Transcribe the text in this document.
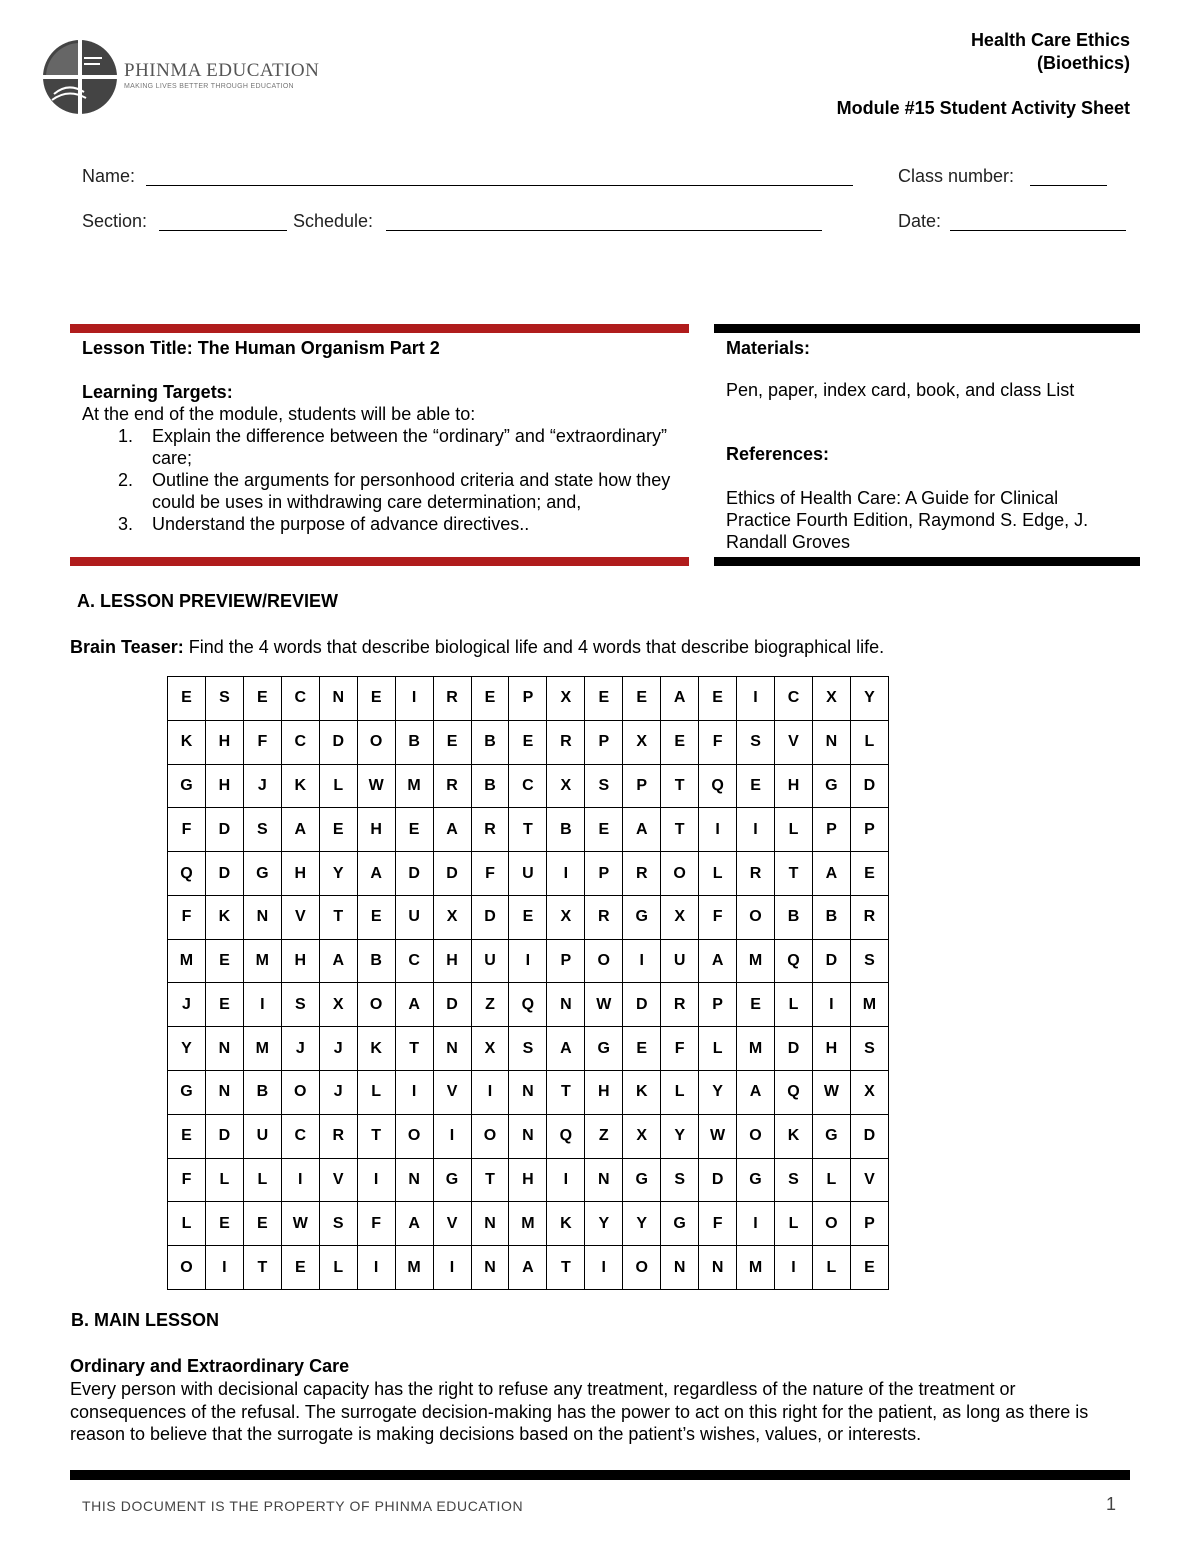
PHINMA EDUCATION
MAKING LIVES BETTER THROUGH EDUCATION
Health Care Ethics
(Bioethics)
Module #15 Student Activity Sheet
Name:	Class number:
Section:	Schedule:	Date:
Lesson Title: The Human Organism Part 2
Learning Targets:
At the end of the module, students will be able to:
1. Explain the difference between the “ordinary” and “extraordinary” care;
2. Outline the arguments for personhood criteria and state how they could be uses in withdrawing care determination; and,
3. Understand the purpose of advance directives..
Materials:
Pen, paper, index card, book, and class List
References:
Ethics of Health Care: A Guide for Clinical Practice Fourth Edition, Raymond S. Edge, J. Randall Groves
A. LESSON PREVIEW/REVIEW
Brain Teaser: Find the 4 words that describe biological life and 4 words that describe biographical life.
E	S	E	C	N	E	I	R	E	P	X	E	E	A	E	I	C	X	Y
K	H	F	C	D	O	B	E	B	E	R	P	X	E	F	S	V	N	L
G	H	J	K	L	W	M	R	B	C	X	S	P	T	Q	E	H	G	D
F	D	S	A	E	H	E	A	R	T	B	E	A	T	I	I	L	P	P
Q	D	G	H	Y	A	D	D	F	U	I	P	R	O	L	R	T	A	E
F	K	N	V	T	E	U	X	D	E	X	R	G	X	F	O	B	B	R
M	E	M	H	A	B	C	H	U	I	P	O	I	U	A	M	Q	D	S
J	E	I	S	X	O	A	D	Z	Q	N	W	D	R	P	E	L	I	M
Y	N	M	J	J	K	T	N	X	S	A	G	E	F	L	M	D	H	S
G	N	B	O	J	L	I	V	I	N	T	H	K	L	Y	A	Q	W	X
E	D	U	C	R	T	O	I	O	N	Q	Z	X	Y	W	O	K	G	D
F	L	L	I	V	I	N	G	T	H	I	N	G	S	D	G	S	L	V
L	E	E	W	S	F	A	V	N	M	K	Y	Y	G	F	I	L	O	P
O	I	T	E	L	I	M	I	N	A	T	I	O	N	N	M	I	L	E
B. MAIN LESSON
Ordinary and Extraordinary Care
Every person with decisional capacity has the right to refuse any treatment, regardless of the nature of the treatment or consequences of the refusal. The surrogate decision-making has the power to act on this right for the patient, as long as there is reason to believe that the surrogate is making decisions based on the patient’s wishes, values, or interests.
THIS DOCUMENT IS THE PROPERTY OF PHINMA EDUCATION	1
